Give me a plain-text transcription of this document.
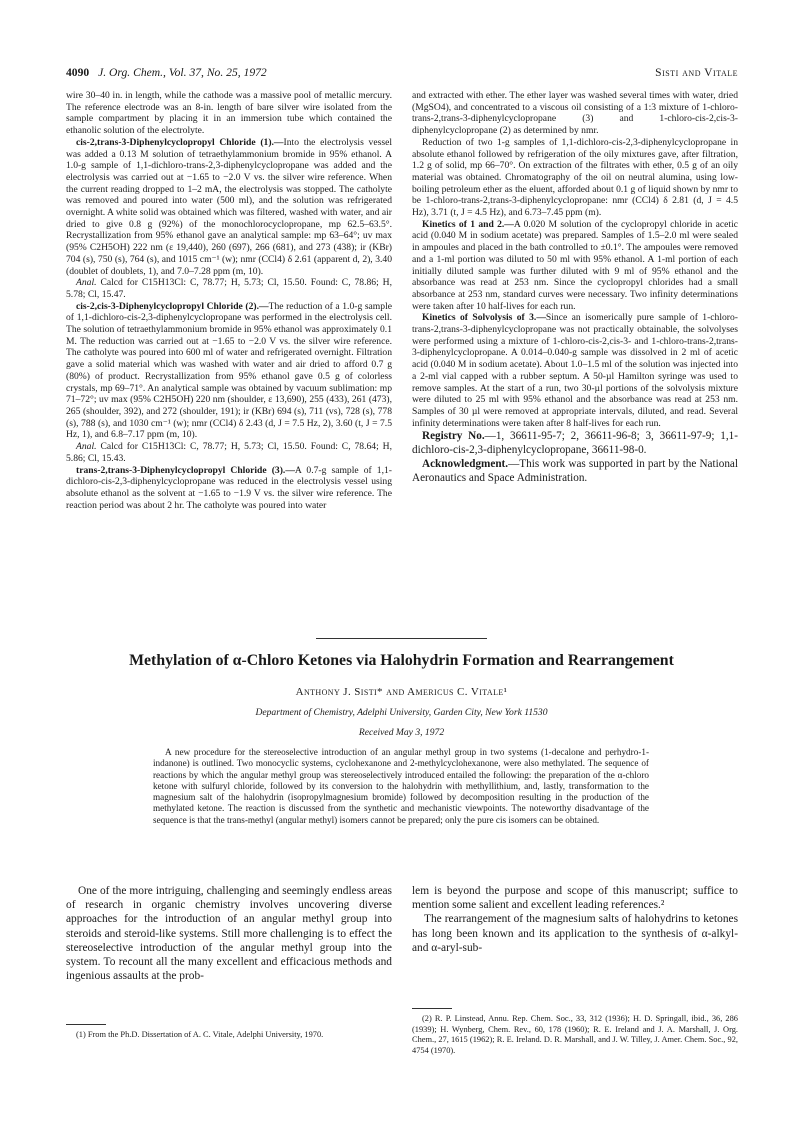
4090 J. Org. Chem., Vol. 37, No. 25, 1972	Sisti and Vitale

wire 30–40 in. in length, while the cathode was a massive pool of metallic mercury. The reference electrode was an 8-in. length of bare silver wire isolated from the sample compartment by placing it in an immersion tube which contained the ethanolic solution of the electrolyte.

cis-2,trans-3-Diphenylcyclopropyl Chloride (1).—Into the electrolysis vessel was added a 0.13 M solution of tetraethylammonium bromide in 95% ethanol. A 1.0-g sample of 1,1-dichloro-trans-2,3-diphenylcyclopropane was added and the electrolysis was carried out at −1.65 to −2.0 V vs. the silver wire reference. When the current reading dropped to 1–2 mA, the electrolysis was stopped. The catholyte was removed and poured into water (500 ml), and the solution was refrigerated overnight. A white solid was obtained which was filtered, washed with water, and air dried to give 0.8 g (92%) of the monochlorocyclopropane, mp 62.5–63.5°. Recrystallization from 95% ethanol gave an analytical sample: mp 63–64°; uv max (95% C2H5OH) 222 nm (ε 19,440), 260 (697), 266 (681), and 273 (438); ir (KBr) 704 (s), 750 (s), 764 (s), and 1015 cm⁻¹ (w); nmr (CCl4) δ 2.61 (apparent d, 2), 3.40 (doublet of doublets, 1), and 7.0–7.28 ppm (m, 10).

Anal. Calcd for C15H13Cl: C, 78.77; H, 5.73; Cl, 15.50. Found: C, 78.86; H, 5.78; Cl, 15.47.

cis-2,cis-3-Diphenylcyclopropyl Chloride (2).—The reduction of a 1.0-g sample of 1,1-dichloro-cis-2,3-diphenylcyclopropane was performed in the electrolysis cell. The solution of tetraethylammonium bromide in 95% ethanol was approximately 0.1 M. The reduction was carried out at −1.65 to −2.0 V vs. the silver wire reference. The catholyte was poured into 600 ml of water and refrigerated overnight. Filtration gave a solid material which was washed with water and air dried to afford 0.7 g (80%) of product. Recrystallization from 95% ethanol gave 0.5 g of colorless crystals, mp 69–71°. An analytical sample was obtained by vacuum sublimation: mp 71–72°; uv max (95% C2H5OH) 220 nm (shoulder, ε 13,690), 255 (433), 261 (473), 265 (shoulder, 392), and 272 (shoulder, 191); ir (KBr) 694 (s), 711 (vs), 728 (s), 778 (s), 788 (s), and 1030 cm⁻¹ (w); nmr (CCl4) δ 2.43 (d, J = 7.5 Hz, 2), 3.60 (t, J = 7.5 Hz, 1), and 6.8–7.17 ppm (m, 10).

Anal. Calcd for C15H13Cl: C, 78.77; H, 5.73; Cl, 15.50. Found: C, 78.64; H, 5.86; Cl, 15.43.

trans-2,trans-3-Diphenylcyclopropyl Chloride (3).—A 0.7-g sample of 1,1-dichloro-cis-2,3-diphenylcyclopropane was reduced in the electrolysis vessel using absolute ethanol as the solvent at −1.65 to −1.9 V vs. the silver wire reference. The reaction period was about 2 hr. The catholyte was poured into water

and extracted with ether. The ether layer was washed several times with water, dried (MgSO4), and concentrated to a viscous oil consisting of a 1:3 mixture of 1-chloro-trans-2,trans-3-diphenylcyclopropane (3) and 1-chloro-cis-2,cis-3-diphenylcyclopropane (2) as determined by nmr.

Reduction of two 1-g samples of 1,1-dichloro-cis-2,3-diphenylcyclopropane in absolute ethanol followed by refrigeration of the oily mixtures gave, after filtration, 1.2 g of solid, mp 66–70°. On extraction of the filtrates with ether, 0.5 g of an oily material was obtained. Chromatography of the oil on neutral alumina, using low-boiling petroleum ether as the eluent, afforded about 0.1 g of liquid shown by nmr to be 1-chloro-trans-2,trans-3-diphenylcyclopropane: nmr (CCl4) δ 2.81 (d, J = 4.5 Hz), 3.71 (t, J = 4.5 Hz), and 6.73–7.45 ppm (m).

Kinetics of 1 and 2.—A 0.020 M solution of the cyclopropyl chloride in acetic acid (0.040 M in sodium acetate) was prepared. Samples of 1.5–2.0 ml were sealed in ampoules and placed in the bath controlled to ±0.1°. The ampoules were removed and a 1-ml portion was diluted to 50 ml with 95% ethanol. A 1-ml portion of each initially diluted sample was further diluted with 9 ml of 95% ethanol and the absorbance was read at 253 nm. Since the cyclopropyl chlorides had a small absorbance at 253 nm, standard curves were necessary. Two infinity determinations were taken after 10 half-lives for each run.

Kinetics of Solvolysis of 3.—Since an isomerically pure sample of 1-chloro-trans-2,trans-3-diphenylcyclopropane was not practically obtainable, the solvolyses were performed using a mixture of 1-chloro-cis-2,cis-3- and 1-chloro-trans-2,trans-3-diphenylcyclopropane. A 0.014–0.040-g sample was dissolved in 2 ml of acetic acid (0.040 M in sodium acetate). About 1.0–1.5 ml of the solution was injected into a 2-ml vial capped with a rubber septum. A 50-µl Hamilton syringe was used to remove samples. At the start of a run, two 30-µl portions of the solvolysis mixture were diluted to 25 ml with 95% ethanol and the absorbance was read at 253 nm. Samples of 30 µl were removed at appropriate intervals, diluted, and read. Several infinity determinations were taken after 8 half-lives for each run.

Registry No.—1, 36611-95-7; 2, 36611-96-8; 3, 36611-97-9; 1,1-dichloro-cis-2,3-diphenylcyclopropane, 36611-98-0.

Acknowledgment.—This work was supported in part by the National Aeronautics and Space Administration.

Methylation of α-Chloro Ketones via Halohydrin Formation and Rearrangement
Anthony J. Sisti* and Americus C. Vitale¹
Department of Chemistry, Adelphi University, Garden City, New York 11530
Received May 3, 1972
A new procedure for the stereoselective introduction of an angular methyl group in two systems (1-decalone and perhydro-1-indanone) is outlined. Two monocyclic systems, cyclohexanone and 2-methylcyclohexanone, were also methylated. The sequence of reactions by which the angular methyl group was stereoselectively introduced entailed the following: the preparation of the α-chloro ketone with sulfuryl chloride, followed by its conversion to the halohydrin with methyllithium, and, lastly, transformation to the magnesium salt of the halohydrin (isopropylmagnesium bromide) followed by decomposition resulting in the production of the methylated ketone. The reaction is discussed from the synthetic and mechanistic viewpoints. The noteworthy disadvantage of the sequence is that the trans-methyl (angular methyl) isomers cannot be prepared; only the pure cis isomers can be obtained.

One of the more intriguing, challenging and seemingly endless areas of research in organic chemistry involves uncovering diverse approaches for the introduction of an angular methyl group into steroids and steroid-like systems. Still more challenging is to effect the stereoselective introduction of the angular methyl group into the system. To recount all the many excellent and efficacious methods and ingenious assaults at the prob-

lem is beyond the purpose and scope of this manuscript; suffice to mention some salient and excellent leading references.²

The rearrangement of the magnesium salts of halohydrins to ketones has long been known and its application to the synthesis of α-alkyl- and α-aryl-sub-

(1) From the Ph.D. Dissertation of A. C. Vitale, Adelphi University, 1970.

(2) R. P. Linstead, Annu. Rep. Chem. Soc., 33, 312 (1936); H. D. Springall, ibid., 36, 286 (1939); H. Wynberg, Chem. Rev., 60, 178 (1960); R. E. Ireland and J. A. Marshall, J. Org. Chem., 27, 1615 (1962); R. E. Ireland. D. R. Marshall, and J. W. Tilley, J. Amer. Chem. Soc., 92, 4754 (1970).
